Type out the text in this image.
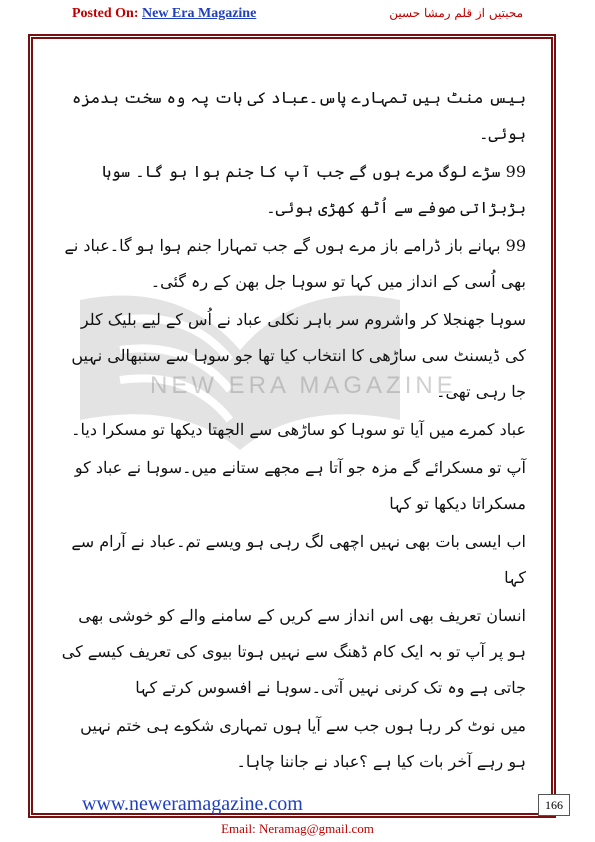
Posted On: New Era Magazine	محبتیں از قلم رمشا حسین
NEW ERA MAGAZINE

بیس منٹ ہیں تمہارے پاس۔عباد کی بات پہ وہ سخت بدمزہ ہوئی۔

99 سڑے لوگ مرے ہوں گے جب آپ کا جنم ہوا ہو گا۔ سوہا بڑبڑاتی صوفے سے اُٹھ کھڑی ہوئی۔

99 بہانے باز ڈرامے باز مرے ہوں گے جب تمہارا جنم ہوا ہو گا۔عباد نے بھی اُسی کے انداز میں کہا تو سوہا جل بھن کے رہ گئی۔

سوہا جھنجلا کر واشروم سر باہر نکلی عباد نے اُس کے لیے بلیک کلر کی ڈیسنٹ سی ساڑھی کا انتخاب کیا تھا جو سوہا سے سنبھالی نہیں جا رہی تھی۔

عباد کمرے میں آیا تو سوہا کو ساڑھی سے الجھتا دیکھا تو مسکرا دیا۔

آپ تو مسکرائے گے مزہ جو آتا ہے مجھے ستانے میں۔سوہا نے عباد کو مسکراتا دیکھا تو کہا

اب ایسی بات بھی نہیں اچھی لگ رہی ہو ویسے تم۔عباد نے آرام سے کہا

انسان تعریف بھی اس انداز سے کریں کے سامنے والے کو خوشی بھی ہو پر آپ تو بہ ایک کام ڈھنگ سے نہیں ہوتا بیوی کی تعریف کیسے کی جاتی ہے وہ تک کرنی نہیں آتی۔سوہا نے افسوس کرتے کہا

میں نوٹ کر رہا ہوں جب سے آیا ہوں تمہاری شکوے ہی ختم نہیں ہو رہے آخر بات کیا ہے ؟عباد نے جاننا چاہا۔

www.neweramagazine.com	166
Email: Neramag@gmail.com
